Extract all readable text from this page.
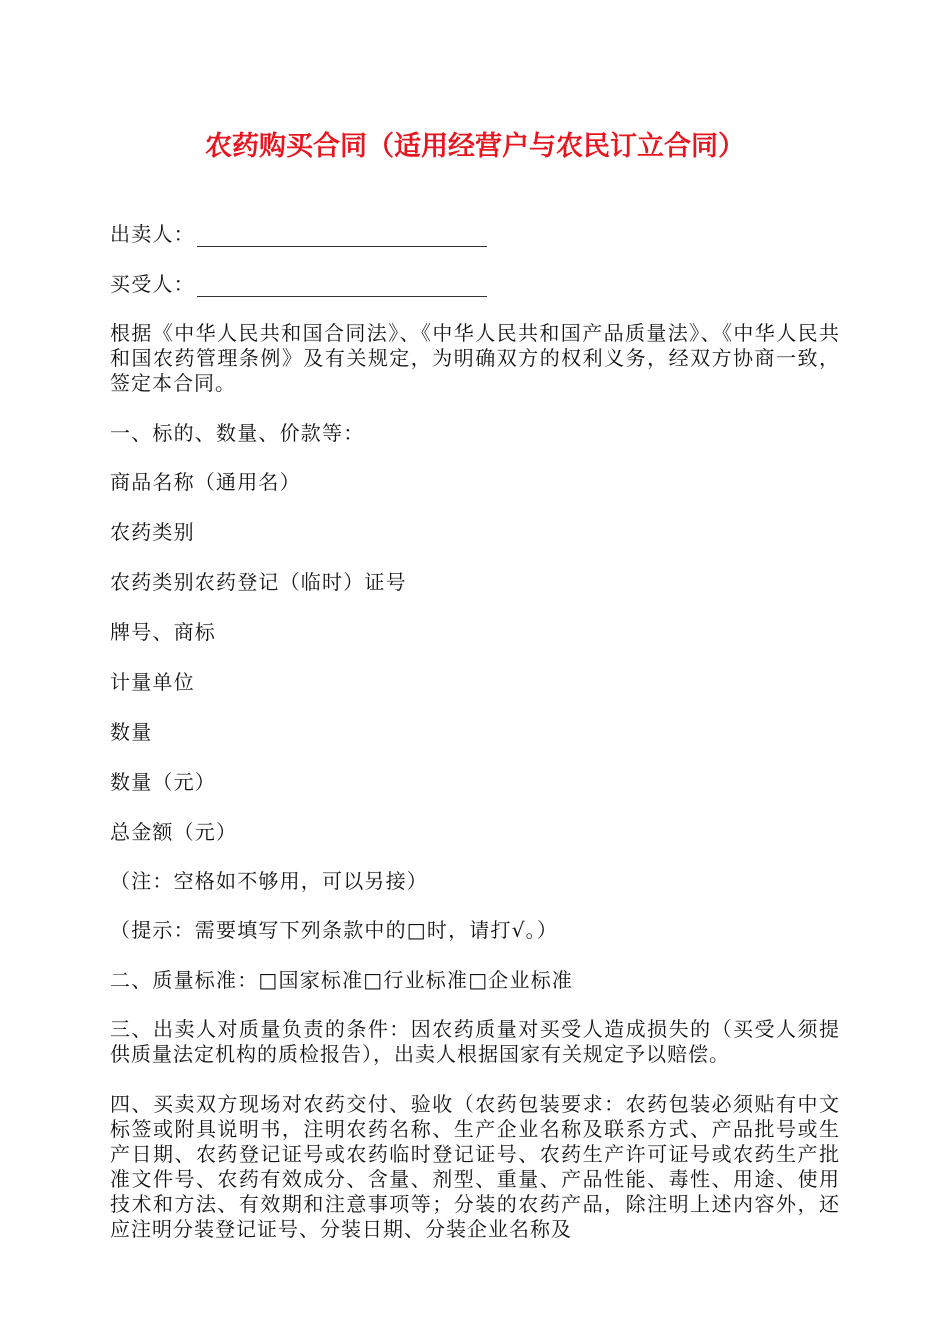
农药购买合同（适用经营户与农民订立合同）
出卖人：
买受人：

根据《中华人民共和国合同法》、《中华人民共和国产品质量法》、《中华人民共和国农药管理条例》及有关规定，为明确双方的权利义务，经双方协商一致，签定本合同。

一、标的、数量、价款等：

商品名称（通用名）

农药类别

农药类别农药登记（临时）证号

牌号、商标

计量单位

数量

数量（元）

总金额（元）

（注：空格如不够用，可以另接）

（提示：需要填写下列条款中的□时，请打√。）

二、质量标准：□国家标准□行业标准□企业标准

三、出卖人对质量负责的条件：因农药质量对买受人造成损失的（买受人须提供质量法定机构的质检报告），出卖人根据国家有关规定予以赔偿。

四、买卖双方现场对农药交付、验收（农药包装要求：农药包装必须贴有中文标签或附具说明书，注明农药名称、生产企业名称及联系方式、产品批号或生产日期、农药登记证号或农药临时登记证号、农药生产许可证号或农药生产批准文件号、农药有效成分、含量、剂型、重量、产品性能、毒性、用途、使用技术和方法、有效期和注意事项等；分装的农药产品，除注明上述内容外，还应注明分装登记证号、分装日期、分装企业名称及
